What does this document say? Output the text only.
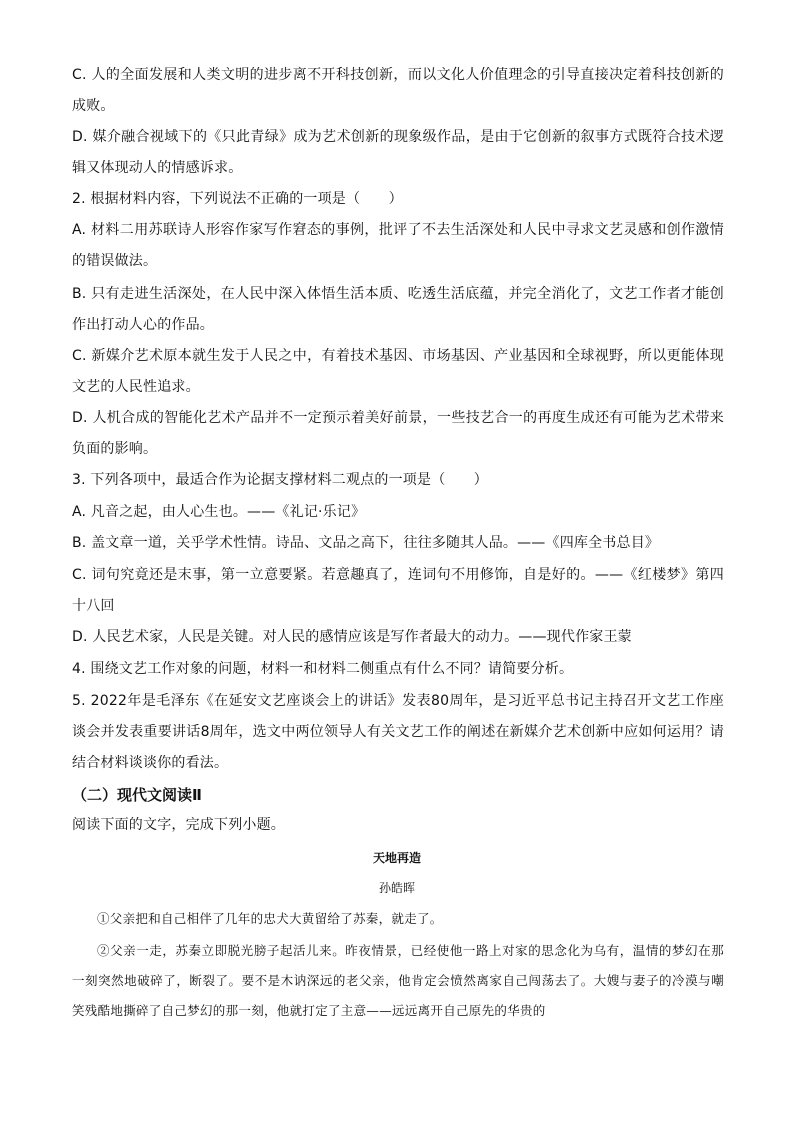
C. 人的全面发展和人类文明的进步离不开科技创新，而以文化人价值理念的引导直接决定着科技创新的成败。
D. 媒介融合视域下的《只此青绿》成为艺术创新的现象级作品，是由于它创新的叙事方式既符合技术逻辑又体现动人的情感诉求。
2. 根据材料内容，下列说法不正确的一项是（　　）
A. 材料二用苏联诗人形容作家写作窘态的事例，批评了不去生活深处和人民中寻求文艺灵感和创作激情的错误做法。
B. 只有走进生活深处，在人民中深入体悟生活本质、吃透生活底蕴，并完全消化了，文艺工作者才能创作出打动人心的作品。
C. 新媒介艺术原本就生发于人民之中，有着技术基因、市场基因、产业基因和全球视野，所以更能体现文艺的人民性追求。
D. 人机合成的智能化艺术产品并不一定预示着美好前景，一些技艺合一的再度生成还有可能为艺术带来负面的影响。
3. 下列各项中，最适合作为论据支撑材料二观点的一项是（　　）
A. 凡音之起，由人心生也。——《礼记·乐记》
B. 盖文章一道，关乎学术性情。诗品、文品之高下，往往多随其人品。——《四库全书总目》
C. 词句究竟还是末事，第一立意要紧。若意趣真了，连词句不用修饰，自是好的。——《红楼梦》第四十八回
D. 人民艺术家，人民是关键。对人民的感情应该是写作者最大的动力。——现代作家王蒙
4. 围绕文艺工作对象的问题，材料一和材料二侧重点有什么不同？请简要分析。
5. 2022年是毛泽东《在延安文艺座谈会上的讲话》发表80周年，是习近平总书记主持召开文艺工作座谈会并发表重要讲话8周年，选文中两位领导人有关文艺工作的阐述在新媒介艺术创新中应如何运用？请结合材料谈谈你的看法。
（二）现代文阅读Ⅱ
阅读下面的文字，完成下列小题。
天地再造
孙皓晖
①父亲把和自己相伴了几年的忠犬大黄留给了苏秦，就走了。
②父亲一走，苏秦立即脱光膀子起活儿来。昨夜情景，已经使他一路上对家的思念化为乌有，温情的梦幻在那一刻突然地破碎了，断裂了。要不是木讷深远的老父亲，他肯定会愤然离家自己闯荡去了。大嫂与妻子的冷漠与嘲笑残酷地撕碎了自己梦幻的那一刻，他就打定了主意——远远离开自己原先的华贵的
